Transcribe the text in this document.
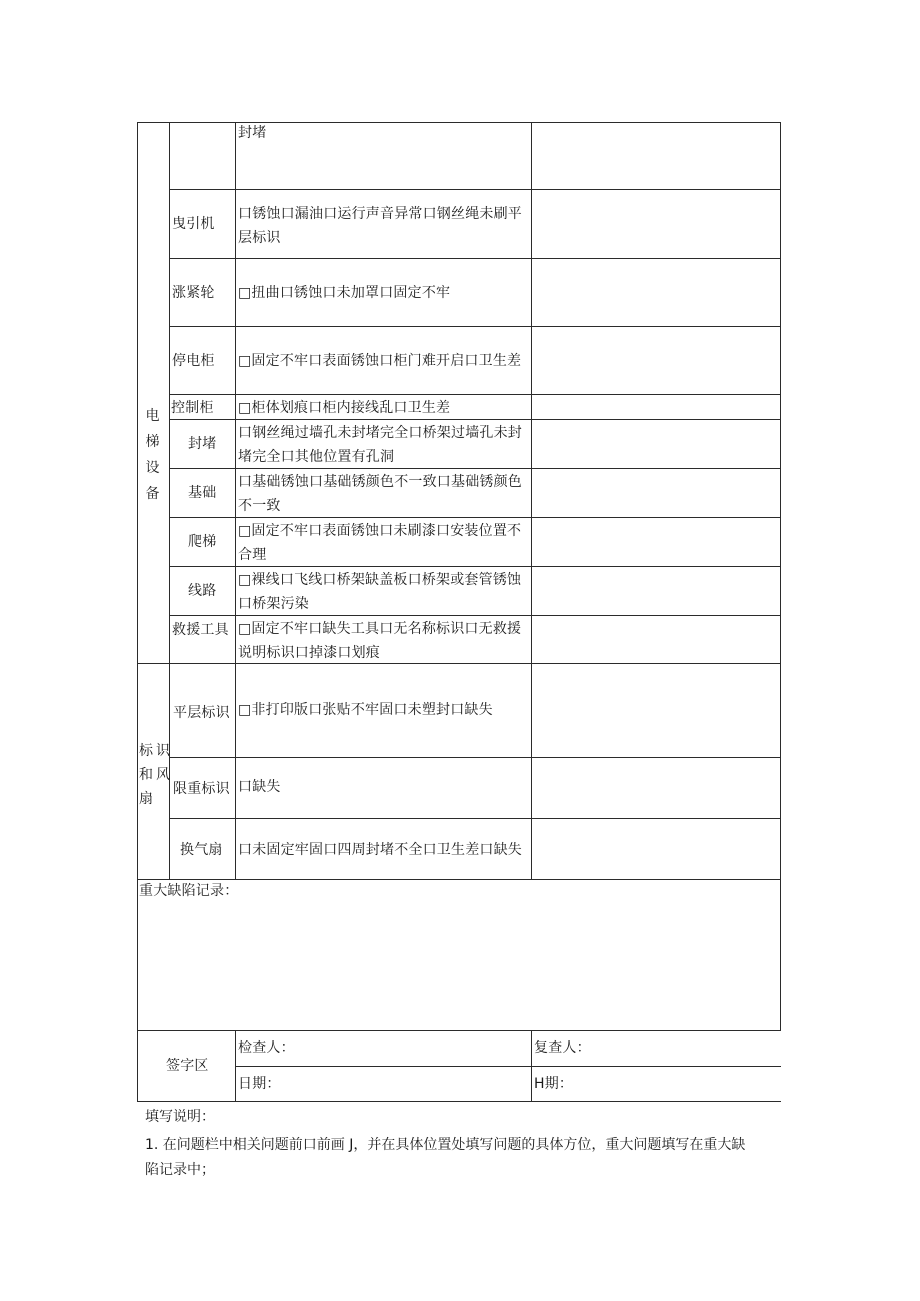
封堵
电梯设备
曳引机
口锈蚀口漏油口运行声音异常口钢丝绳未刷平层标识
涨紧轮 □扭曲口锈蚀口未加罩口固定不牢
停电柜 □固定不牢口表面锈蚀口柜门难开启口卫生差
控制柜 □柜体划痕口柜内接线乱口卫生差
封堵
口钢丝绳过墙孔未封堵完全口桥架过墙孔未封堵完全口其他位置有孔洞
基础
口基础锈蚀口基础锈颜色不一致口基础锈颜色不一致
爬梯
□固定不牢口表面锈蚀口未刷漆口安装位置不合理
线路
□裸线口飞线口桥架缺盖板口桥架或套管锈蚀口桥架污染
救援工具 □固定不牢口缺失工具口无名称标识口无救援说明标识口掉漆口划痕
标识
和风
扇
平层标识 □非打印版口张贴不牢固口未塑封口缺失
限重标识 口缺失
换气扇 口未固定牢固口四周封堵不全口卫生差口缺失
重大缺陷记录：
签字区
检查人：	复查人：
日期：	H期：
填写说明：
1. 在问题栏中相关问题前口前画 J，并在具体位置处填写问题的具体方位，重大问题填写在重大缺
陷记录中；
